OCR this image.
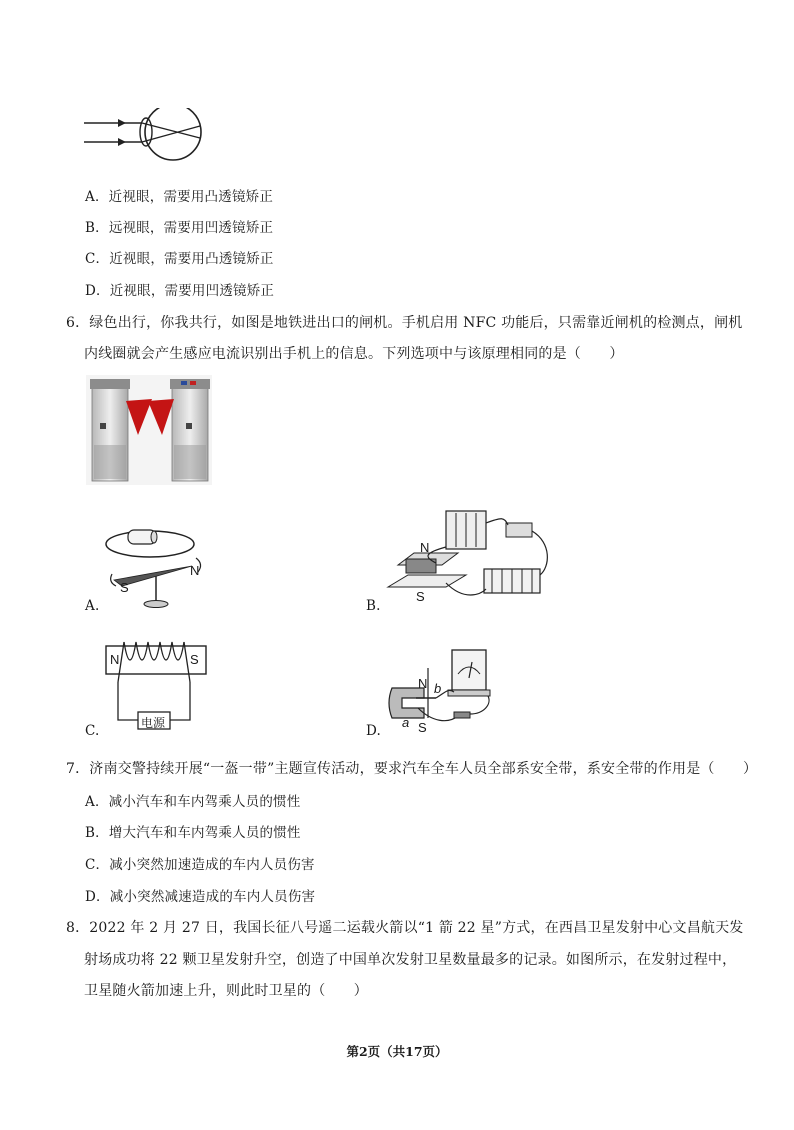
A．近视眼，需要用凸透镜矫正
B．远视眼，需要用凹透镜矫正
C．近视眼，需要用凸透镜矫正
D．近视眼，需要用凹透镜矫正
6．绿色出行，你我共行，如图是地铁进出口的闸机。手机启用 NFC 功能后，只需靠近闸机的检测点，闸机
内线圈就会产生感应电流识别出手机上的信息。下列选项中与该原理相同的是（　　）
S
N
A.
N
S
B.
N	S
电源
C.
N
S
a
b
D.
7．济南交警持续开展“一盔一带”主题宣传活动，要求汽车全车人员全部系安全带，系安全带的作用是（　　）
A．减小汽车和车内驾乘人员的惯性
B．增大汽车和车内驾乘人员的惯性
C．减小突然加速造成的车内人员伤害
D．减小突然减速造成的车内人员伤害
8．2022 年 2 月 27 日，我国长征八号遥二运载火箭以“1 箭 22 星”方式，在西昌卫星发射中心文昌航天发
射场成功将 22 颗卫星发射升空，创造了中国单次发射卫星数量最多的记录。如图所示，在发射过程中，
卫星随火箭加速上升，则此时卫星的（　　）
第2页（共17页）
